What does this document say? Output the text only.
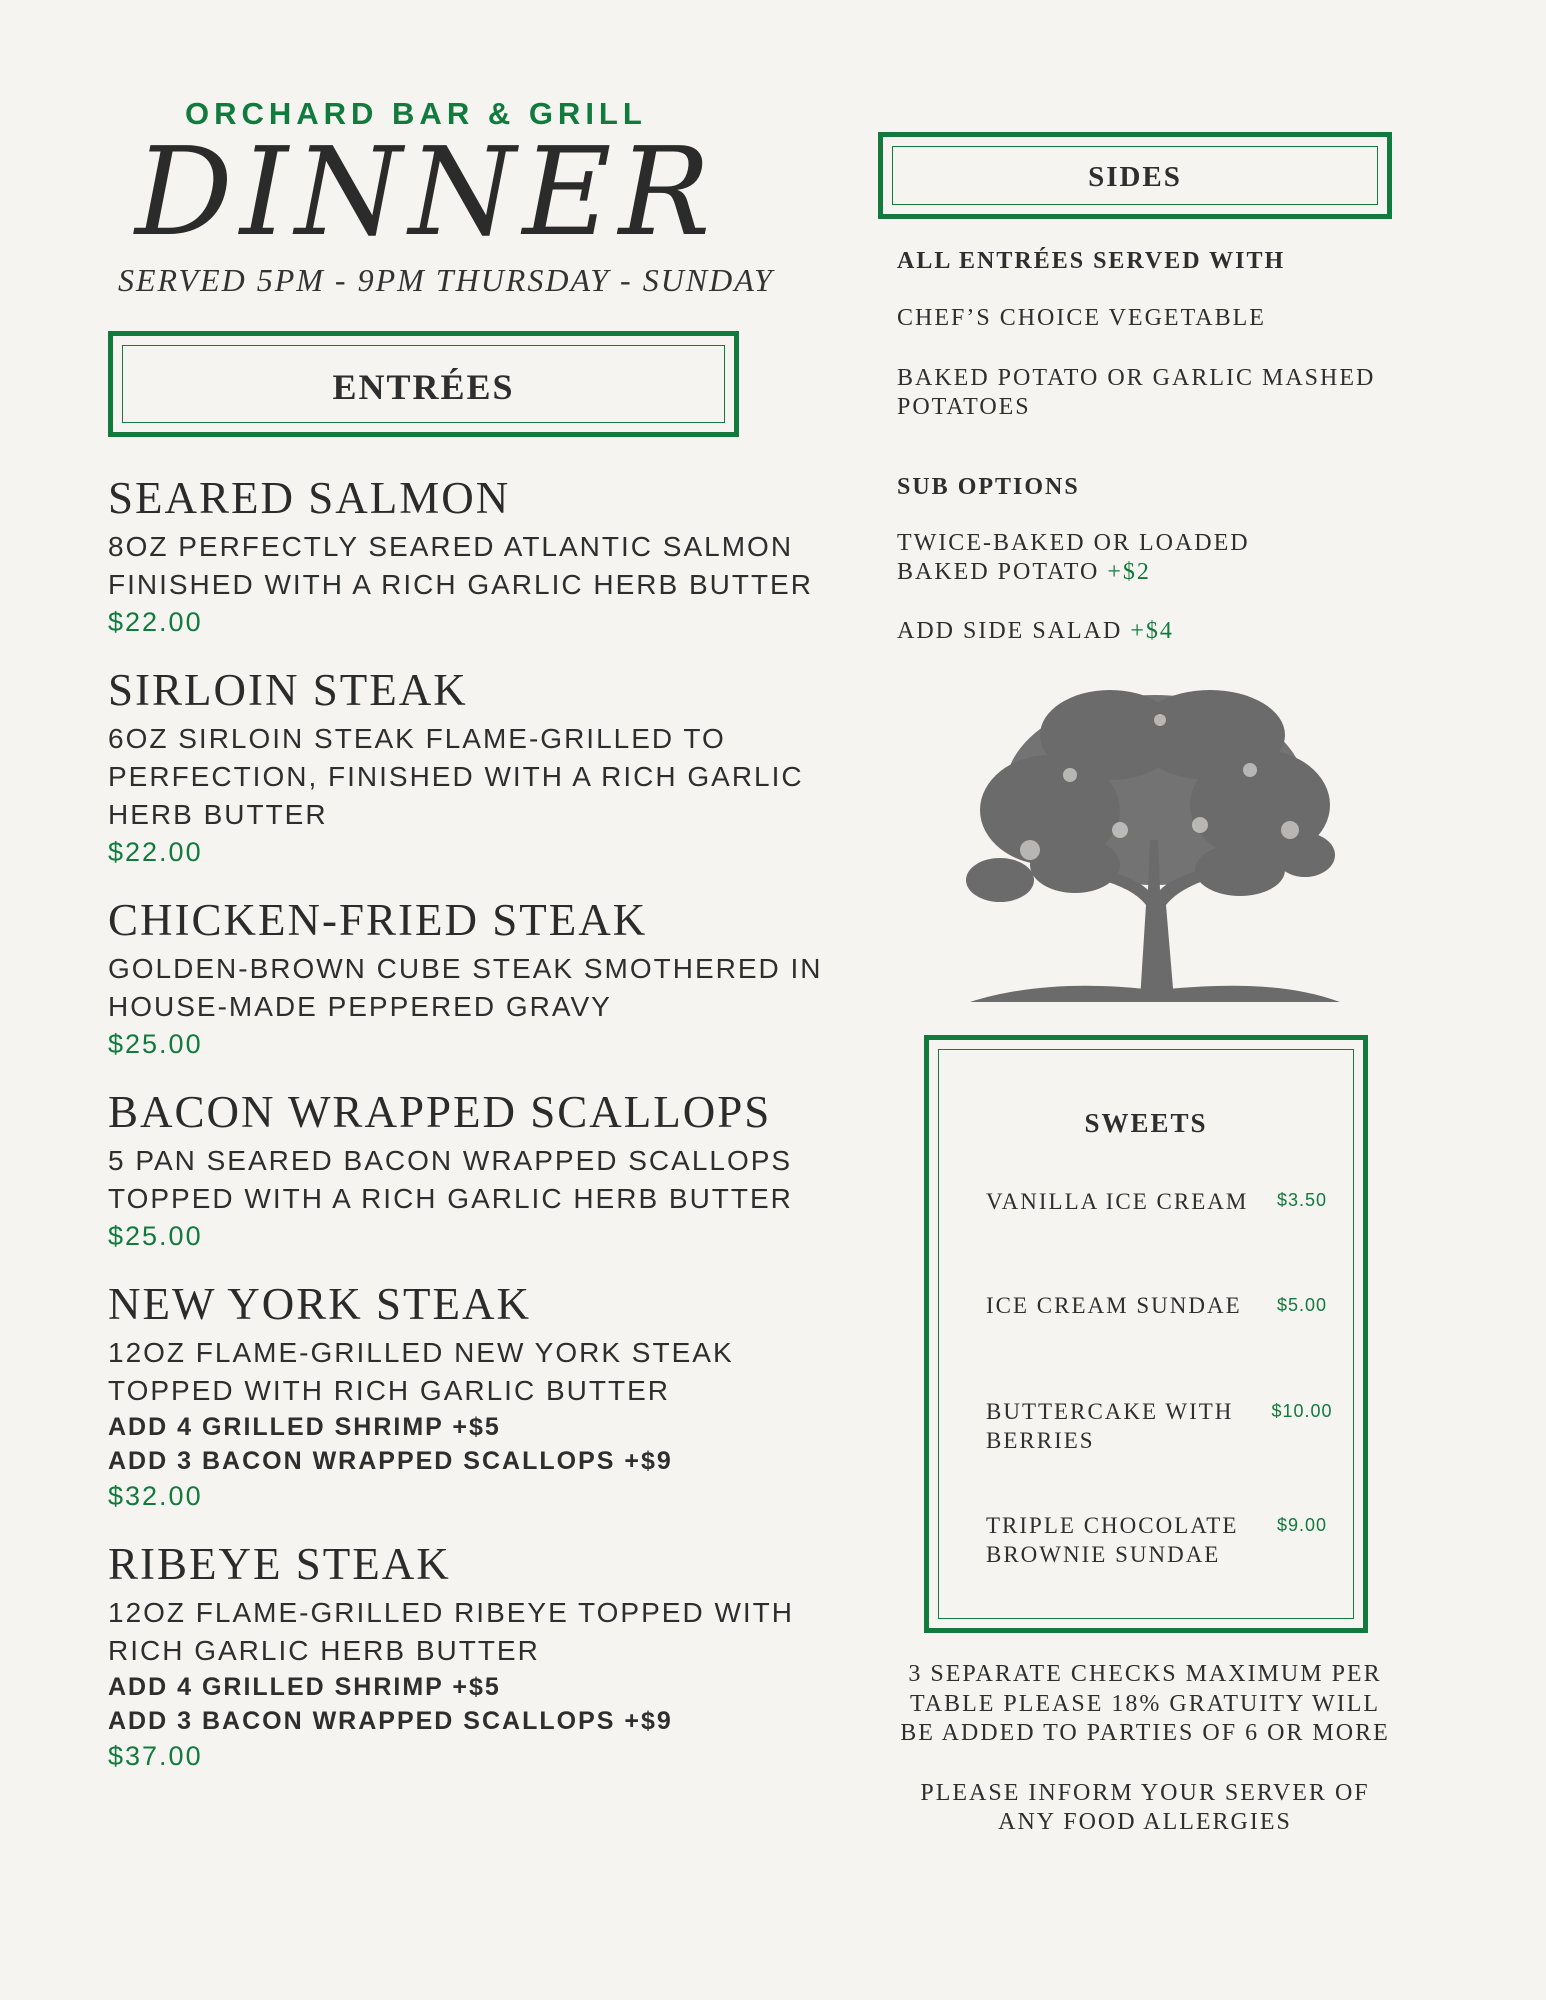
ORCHARD BAR & GRILL
DINNER
SERVED 5PM - 9PM THURSDAY - SUNDAY
ENTRÉES
SEARED SALMON
8OZ PERFECTLY SEARED ATLANTIC SALMON FINISHED WITH A RICH GARLIC HERB BUTTER
$22.00
SIRLOIN STEAK
6OZ SIRLOIN STEAK FLAME-GRILLED TO PERFECTION, FINISHED WITH A RICH GARLIC HERB BUTTER
$22.00
CHICKEN-FRIED STEAK
GOLDEN-BROWN CUBE STEAK SMOTHERED IN HOUSE-MADE PEPPERED GRAVY
$25.00
BACON WRAPPED SCALLOPS
5 PAN SEARED BACON WRAPPED SCALLOPS TOPPED WITH A RICH GARLIC HERB BUTTER
$25.00
NEW YORK STEAK
12OZ FLAME-GRILLED NEW YORK STEAK TOPPED WITH RICH GARLIC BUTTER
ADD 4 GRILLED SHRIMP +$5
ADD 3 BACON WRAPPED SCALLOPS +$9
$32.00
RIBEYE STEAK
12OZ FLAME-GRILLED RIBEYE TOPPED WITH RICH GARLIC HERB BUTTER
ADD 4 GRILLED SHRIMP +$5
ADD 3 BACON WRAPPED SCALLOPS +$9
$37.00
SIDES
ALL ENTRÉES SERVED WITH
CHEF’S CHOICE VEGETABLE
BAKED POTATO OR GARLIC MASHED POTATOES
SUB OPTIONS
TWICE-BAKED OR LOADED BAKED POTATO +$2
ADD SIDE SALAD +$4
SWEETS
VANILLA ICE CREAM	$3.50
ICE CREAM SUNDAE	$5.00
BUTTERCAKE WITH BERRIES
$10.00
TRIPLE CHOCOLATE BROWNIE SUNDAE
$9.00
3 SEPARATE CHECKS MAXIMUM PER TABLE PLEASE 18% GRATUITY WILL BE ADDED TO PARTIES OF 6 OR MORE
PLEASE INFORM YOUR SERVER OF ANY FOOD ALLERGIES
